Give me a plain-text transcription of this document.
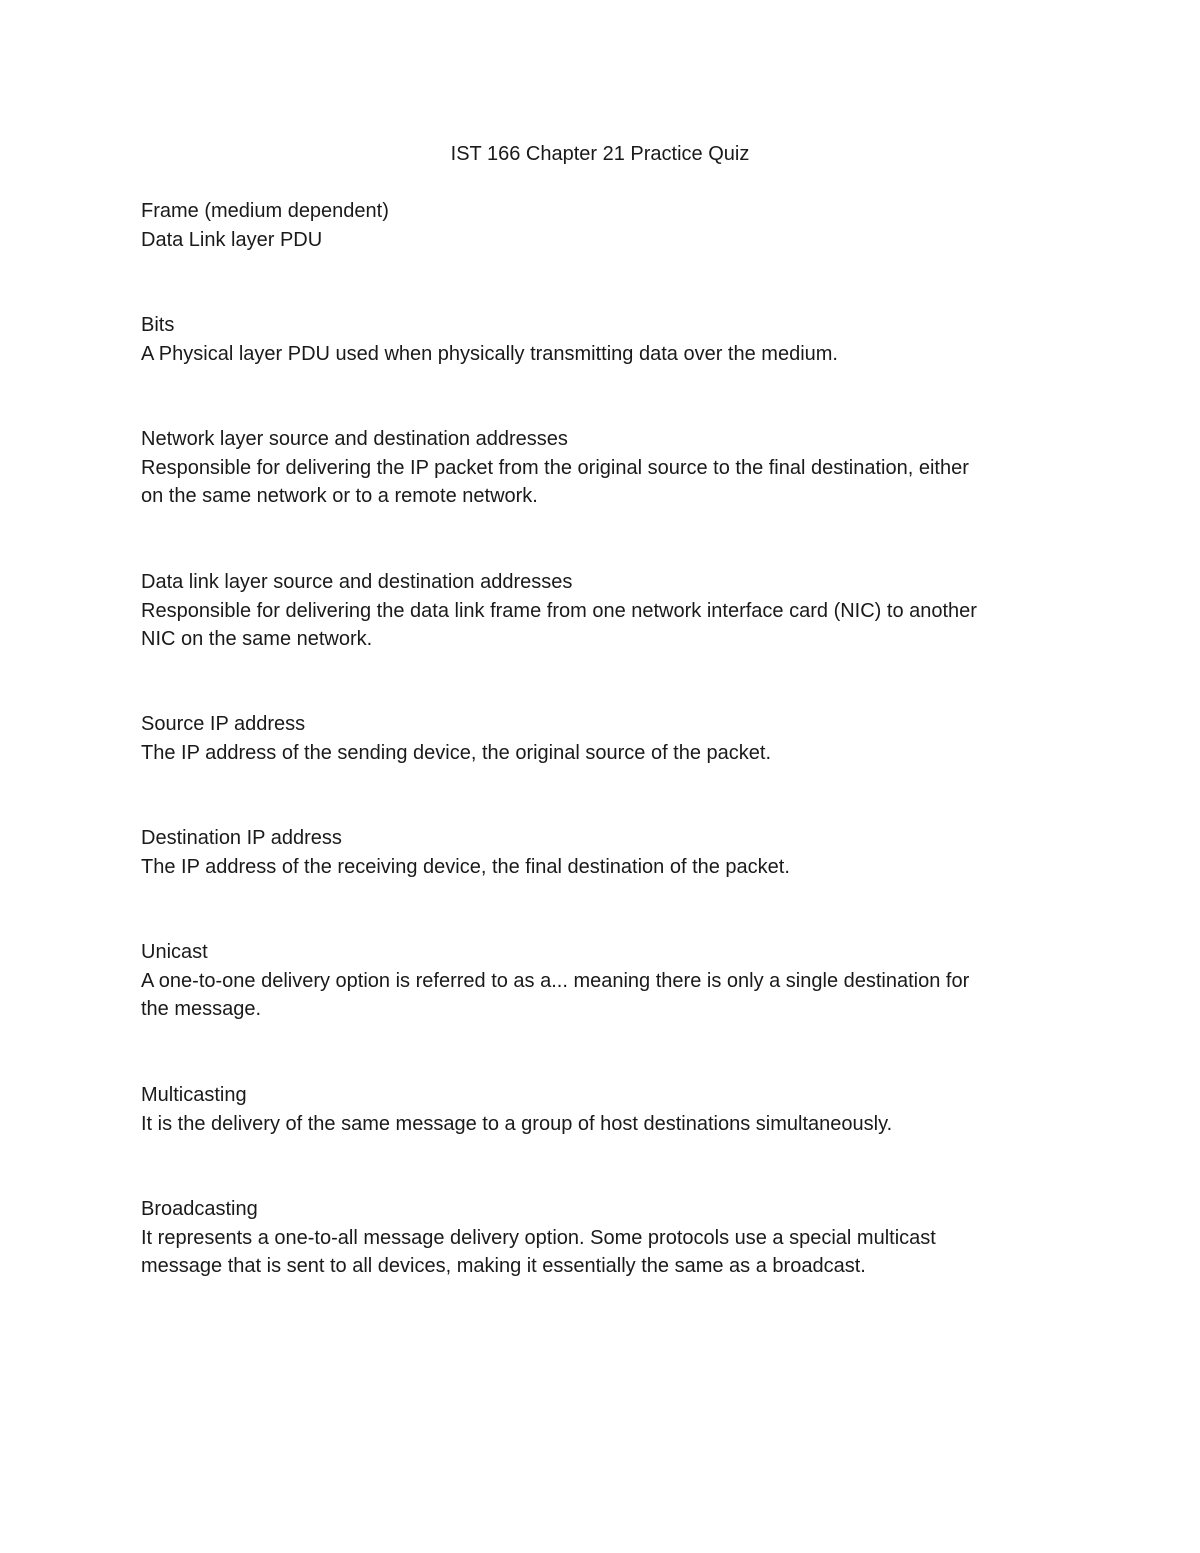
IST 166 Chapter 21 Practice Quiz
Frame (medium dependent)
Data Link layer PDU
Bits
A Physical layer PDU used when physically transmitting data over the medium.
Network layer source and destination addresses
Responsible for delivering the IP packet from the original source to the final destination, either
on the same network or to a remote network.
Data link layer source and destination addresses
Responsible for delivering the data link frame from one network interface card (NIC) to another
NIC on the same network.
Source IP address
The IP address of the sending device, the original source of the packet.
Destination IP address
The IP address of the receiving device, the final destination of the packet.
Unicast
A one-to-one delivery option is referred to as a... meaning there is only a single destination for
the message.
Multicasting
It is the delivery of the same message to a group of host destinations simultaneously.
Broadcasting
It represents a one-to-all message delivery option. Some protocols use a special multicast
message that is sent to all devices, making it essentially the same as a broadcast.
